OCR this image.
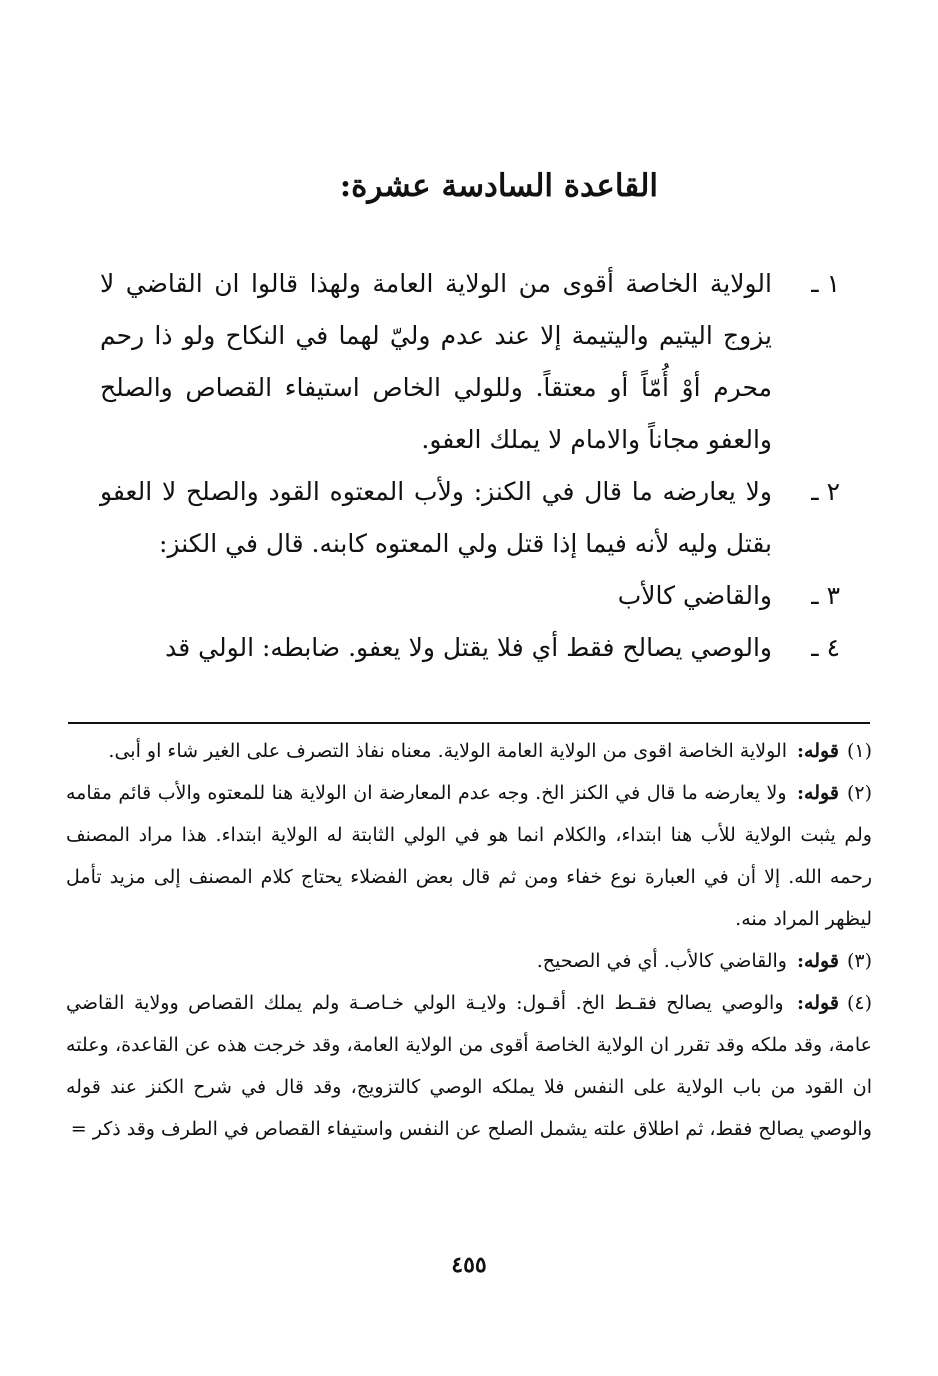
القاعدة السادسة عشرة:
١ ـ
الولاية الخاصة أقوى من الولاية العامة ولهذا قالوا ان القاضي لا يزوج اليتيم واليتيمة إلا عند عدم وليّ لهما في النكاح ولو ذا رحم محرم أوْ أُمّاً أو معتقاً. وللولي الخاص استيفاء القصاص والصلح والعفو مجاناً والامام لا يملك العفو.
٢ ـ
ولا يعارضه ما قال في الكنز: ولأب المعتوه القود والصلح لا العفو بقتل وليه لأنه فيما إذا قتل ولي المعتوه كابنه. قال في الكنز:
٣ ـ
والقاضي كالأب
٤ ـ
والوصي يصالح فقط أي فلا يقتل ولا يعفو. ضابطه: الولي قد
(١)قوله: الولاية الخاصة اقوى من الولاية العامة الولاية. معناه نفاذ التصرف على الغير شاء او أبى.
(٢)قوله: ولا يعارضه ما قال في الكنز الخ. وجه عدم المعارضة ان الولاية هنا للمعتوه والأب قائم مقامه ولم يثبت الولاية للأب هنا ابتداء، والكلام انما هو في الولي الثابتة له الولاية ابتداء. هذا مراد المصنف رحمه الله. إلا أن في العبارة نوع خفاء ومن ثم قال بعض الفضلاء يحتاج كلام المصنف إلى مزيد تأمل ليظهر المراد منه.
(٣)قوله: والقاضي كالأب. أي في الصحيح.
(٤)قوله: والوصي يصالح فقـط الخ. أقـول: ولايـة الولي خـاصـة ولم يملك القصاص وولاية القاضي عامة، وقد ملكه وقد تقرر ان الولاية الخاصة أقوى من الولاية العامة، وقد خرجت هذه عن القاعدة، وعلته ان القود من باب الولاية على النفس فلا يملكه الوصي كالتزويج، وقد قال في شرح الكنز عند قوله والوصي يصالح فقط، ثم اطلاق علته يشمل الصلح عن النفس واستيفاء القصاص في الطرف وقد ذكر =
٤٥٥
